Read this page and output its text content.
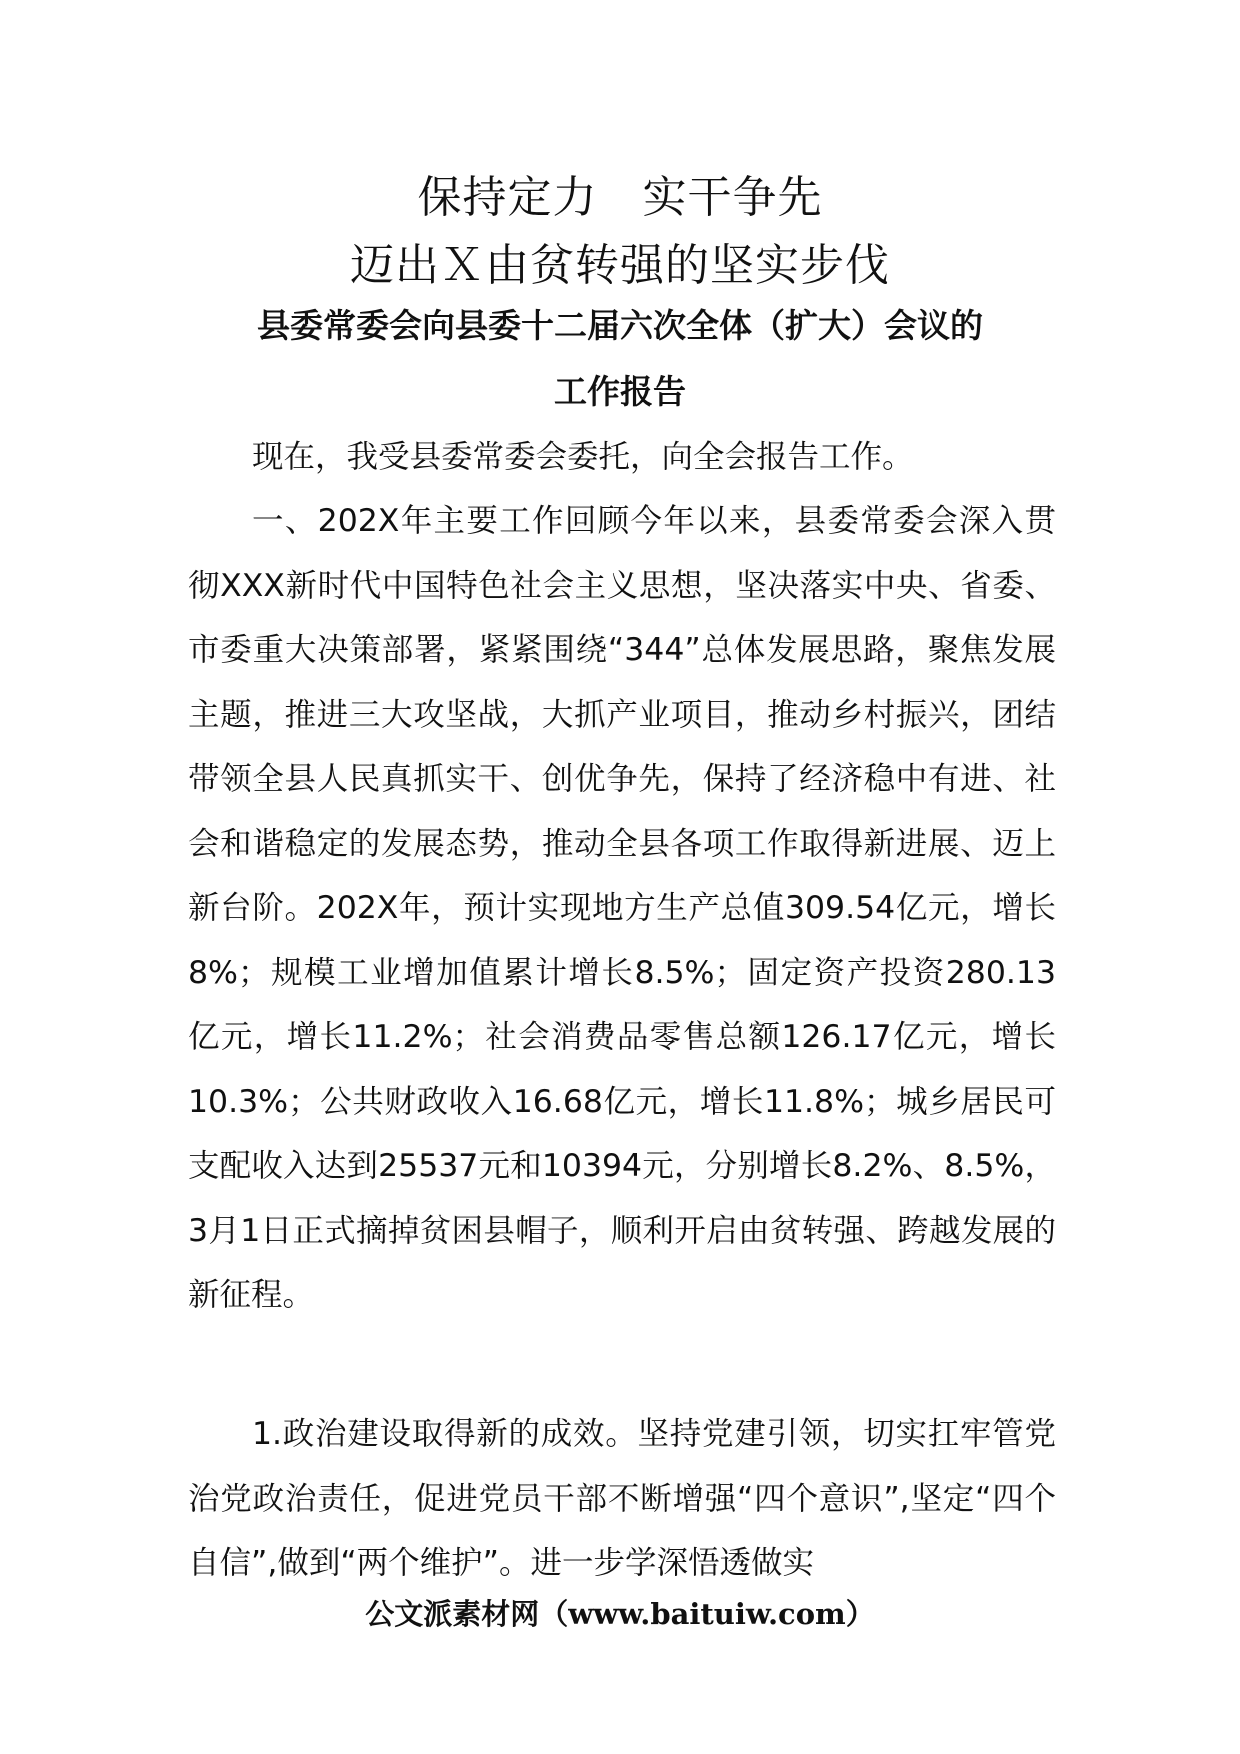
保持定力　实干争先
迈出Ｘ由贫转强的坚实步伐
县委常委会向县委十二届六次全体（扩大）会议的
工作报告

现在，我受县委常委会委托，向全会报告工作。

一、202X年主要工作回顾今年以来，县委常委会深入贯彻XXX新时代中国特色社会主义思想，坚决落实中央、省委、市委重大决策部署，紧紧围绕“344”总体发展思路，聚焦发展主题，推进三大攻坚战，大抓产业项目，推动乡村振兴，团结带领全县人民真抓实干、创优争先，保持了经济稳中有进、社会和谐稳定的发展态势，推动全县各项工作取得新进展、迈上新台阶。202X年，预计实现地方生产总值309.54亿元，增长8%；规模工业增加值累计增长8.5%；固定资产投资280.13亿元，增长11.2%；社会消费品零售总额126.17亿元，增长10.3%；公共财政收入16.68亿元，增长11.8%；城乡居民可支配收入达到25537元和10394元，分别增长8.2%、8.5%，3月1日正式摘掉贫困县帽子，顺利开启由贫转强、跨越发展的新征程。

1.政治建设取得新的成效。坚持党建引领，切实扛牢管党治党政治责任，促进党员干部不断增强“四个意识”,坚定“四个自信”,做到“两个维护”。进一步学深悟透做实

公文派素材网（www.baituiw.com）
